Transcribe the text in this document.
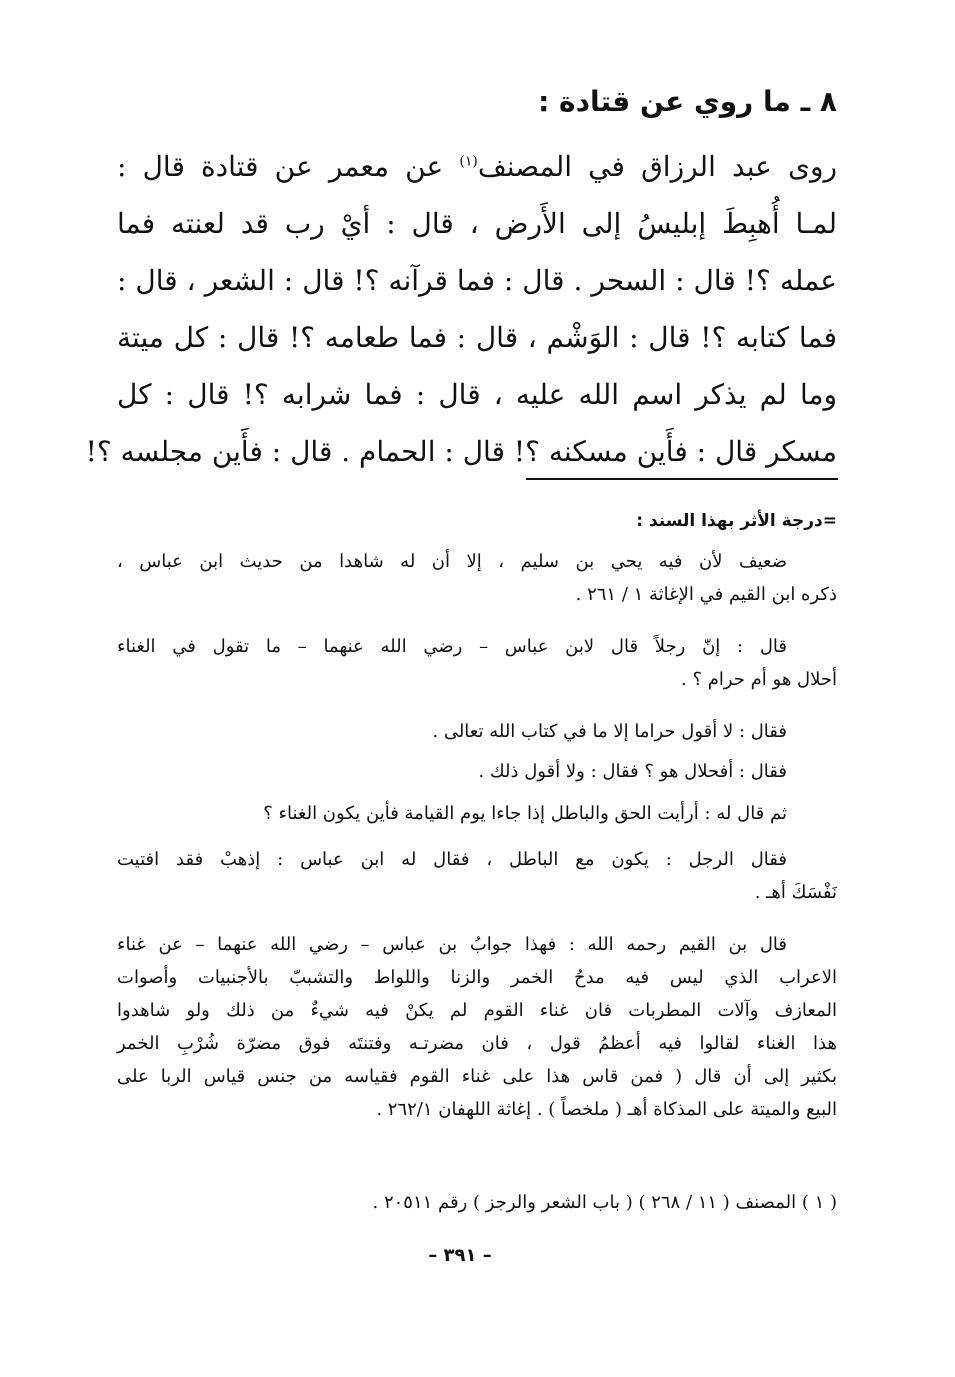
٨ ـ ما روي عن قتادة :
روى عبد الرزاق في المصنف$^{(١)}$ عن معمر عن قتادة قال :
لمـا أُهبِطَ إبليسُ إلى الأَرض ، قال : أيْ رب قد لعنته فما
عمله ؟! قال : السحر . قال : فما قرآنه ؟! قال : الشعر ، قال :
فما كتابه ؟! قال : الوَشْم ، قال : فما طعامه ؟! قال : كل ميتة
وما لم يذكر اسم الله عليه ، قال : فما شرابه ؟! قال : كل
مسكر قال : فأَين مسكنه ؟! قال : الحمام . قال : فأَين مجلسه ؟!
=درجة الأثر بهذا السند :
ضعيف لأن فيه يحي بن سليم ، إلا أن له شاهدا من حديث ابن عباس ،
ذكره ابن القيم في الإغاثة ١ / ٢٦١ .
قال : إنّ رجلاً قال لابن عباس – رضي الله عنهما – ما تقول في الغناء
أحلال هو أم حرام ؟ .
فقال : لا أقول حراما إلا ما في كتاب الله تعالى .
فقال : أفحلال هو ؟ فقال : ولا أقول ذلك .
ثم قال له : أرأيت الحق والباطل إذا جاءا يوم القيامة فأين يكون الغناء ؟
فقال الرجل : يكون مع الباطل ، فقال له ابن عباس : إذهبْ فقد افتيت
نَفْسَكَ أهـ .
قال بن القيم رحمه الله : فهذا جوابُ بن عباس – رضي الله عنهما – عن غناء
الاعراب الذي ليس فيه مدحُ الخمر والزنا واللواط والتشببّ بالأجنبيات وأصوات
المعازف وآلات المطربات فان غناء القوم لم يكنْ فيه شيءٌ من ذلك ولو شاهدوا
هذا الغناء لقالوا فيه أعظمُ قول ، فان مضرتـه وفتنتَه فوق مضرّة شُرْبِ الخمر
بكثير إلى أن قال ( فمن قاس هذا على غناء القوم فقياسه من جنس قياس الربا على
البيع والميتة على المذكاة أهـ ( ملخصاً ) . إغاثة اللهفان ٢٦٢/١ .
( ١ ) المصنف ( ١١ / ٢٦٨ ) ( باب الشعر والرجز ) رقم ٢٠٥١١ .
– ٣٩١ –
